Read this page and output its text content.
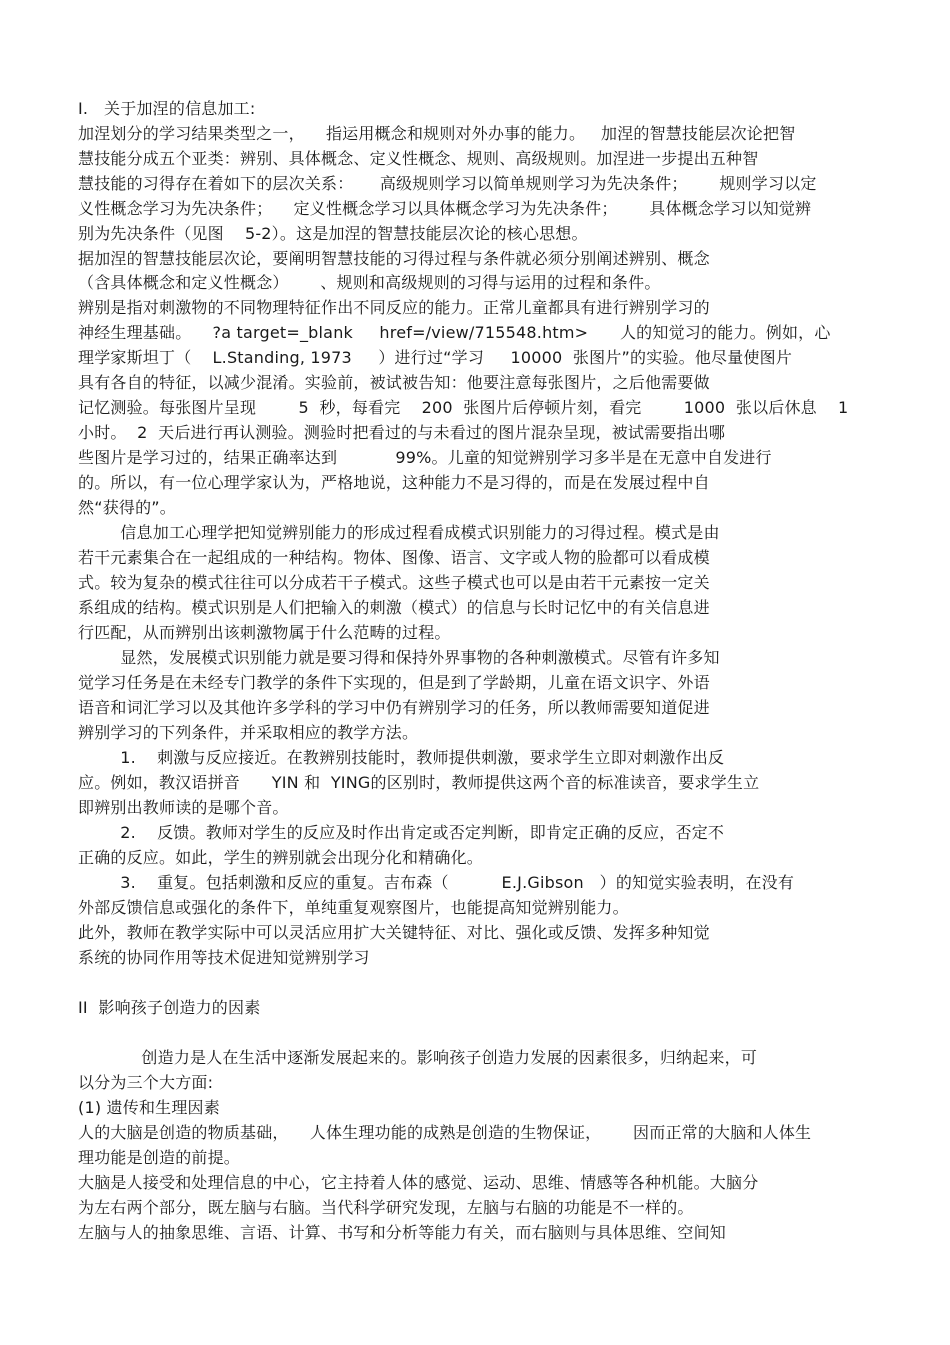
I.   关于加涅的信息加工:
加涅划分的学习结果类型之一，    指运用概念和规则对外办事的能力。   加涅的智慧技能层次论把智
慧技能分成五个亚类：辨别、具体概念、定义性概念、规则、高级规则。加涅进一步提出五种智
慧技能的习得存在着如下的层次关系：     高级规则学习以简单规则学习为先决条件；      规则学习以定
义性概念学习为先决条件；    定义性概念学习以具体概念学习为先决条件；      具体概念学习以知觉辨
别为先决条件（见图    5-2）。这是加涅的智慧技能层次论的核心思想。
据加涅的智慧技能层次论，要阐明智慧技能的习得过程与条件就必须分别阐述辨别、概念
（含具体概念和定义性概念）      、规则和高级规则的习得与运用的过程和条件。
辨别是指对刺激物的不同物理特征作出不同反应的能力。正常儿童都具有进行辨别学习的
神经生理基础。    ?a target=_blank     href=/view/715548.htm>      人的知觉习的能力。例如，心
理学家斯坦丁（    L.Standing, 1973     ）进行过“学习     10000  张图片”的实验。他尽量使图片
具有各自的特征，以减少混淆。实验前，被试被告知：他要注意每张图片，之后他需要做
记忆测验。每张图片呈现        5  秒，每看完    200  张图片后停顿片刻，看完        1000  张以后休息    1
小时。  2  天后进行再认测验。测验时把看过的与未看过的图片混杂呈现，被试需要指出哪
些图片是学习过的，结果正确率达到           99%。儿童的知觉辨别学习多半是在无意中自发进行
的。所以，有一位心理学家认为，严格地说，这种能力不是习得的，而是在发展过程中自
然“获得的”。
信息加工心理学把知觉辨别能力的形成过程看成模式识别能力的习得过程。模式是由
若干元素集合在一起组成的一种结构。物体、图像、语言、文字或人物的脸都可以看成模
式。较为复杂的模式往往可以分成若干子模式。这些子模式也可以是由若干元素按一定关
系组成的结构。模式识别是人们把输入的刺激（模式）的信息与长时记忆中的有关信息进
行匹配，从而辨别出该刺激物属于什么范畴的过程。
显然，发展模式识别能力就是要习得和保持外界事物的各种刺激模式。尽管有许多知
觉学习任务是在未经专门教学的条件下实现的，但是到了学龄期，儿童在语文识字、外语
语音和词汇学习以及其他许多学科的学习中仍有辨别学习的任务，所以教师需要知道促进
辨别学习的下列条件，并采取相应的教学方法。
1.    刺激与反应接近。在教辨别技能时，教师提供刺激，要求学生立即对刺激作出反
应。例如，教汉语拼音      YIN 和  YING的区别时，教师提供这两个音的标准读音，要求学生立
即辨别出教师读的是哪个音。
2.    反馈。教师对学生的反应及时作出肯定或否定判断，即肯定正确的反应，否定不
正确的反应。如此，学生的辨别就会出现分化和精确化。
3.    重复。包括刺激和反应的重复。吉布森（          E.J.Gibson   ）的知觉实验表明，在没有
外部反馈信息或强化的条件下，单纯重复观察图片，也能提高知觉辨别能力。
此外，教师在教学实际中可以灵活应用扩大关键特征、对比、强化或反馈、发挥多种知觉
系统的协同作用等技术促进知觉辨别学习
II  影响孩子创造力的因素
创造力是人在生活中逐渐发展起来的。影响孩子创造力发展的因素很多，归纳起来，可
以分为三个大方面:
(1) 遗传和生理因素
人的大脑是创造的物质基础，    人体生理功能的成熟是创造的生物保证，      因而正常的大脑和人体生
理功能是创造的前提。
大脑是人接受和处理信息的中心，它主持着人体的感觉、运动、思维、情感等各种机能。大脑分
为左右两个部分，既左脑与右脑。当代科学研究发现，左脑与右脑的功能是不一样的。
左脑与人的抽象思维、言语、计算、书写和分析等能力有关，而右脑则与具体思维、空间知
